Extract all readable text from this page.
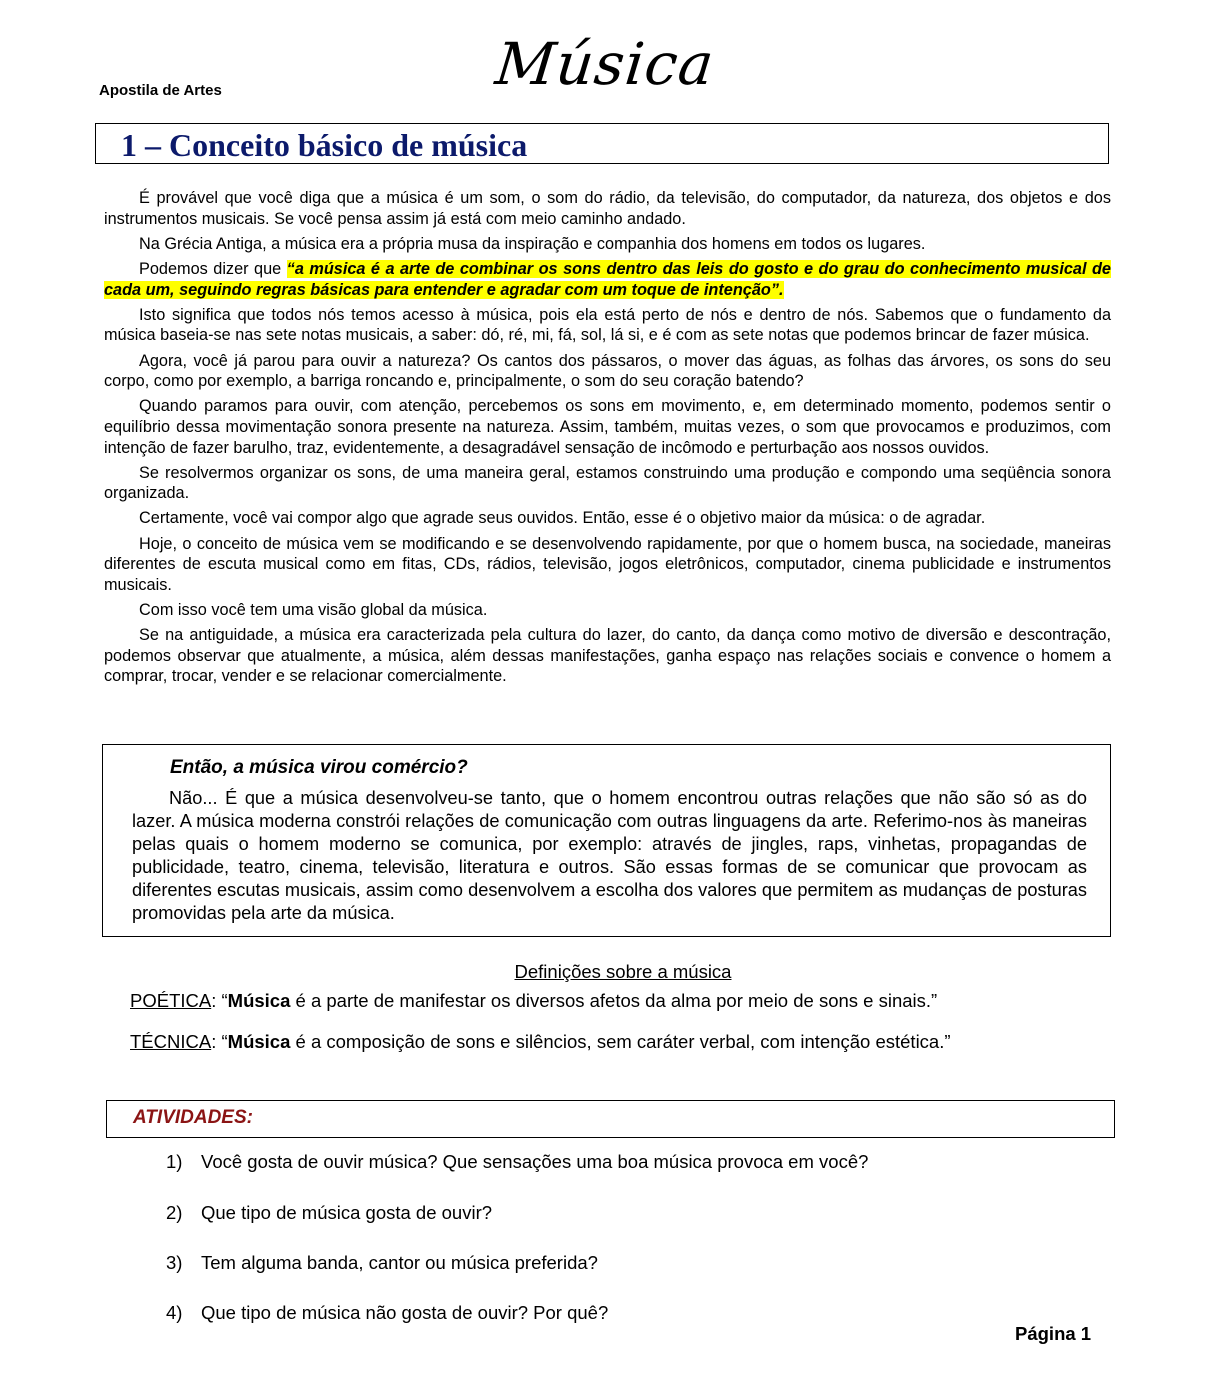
Apostila de Artes	Música
1 – Conceito básico de música

É provável que você diga que a música é um som, o som do rádio, da televisão, do computador, da natureza, dos objetos e dos instrumentos musicais. Se você pensa assim já está com meio caminho andado.

Na Grécia Antiga, a música era a própria musa da inspiração e companhia dos homens em todos os lugares.

Podemos dizer que “a música é a arte de combinar os sons dentro das leis do gosto e do grau do conhecimento musical de cada um, seguindo regras básicas para entender e agradar com um toque de intenção”.

Isto significa que todos nós temos acesso à música, pois ela está perto de nós e dentro de nós. Sabemos que o fundamento da música baseia-se nas sete notas musicais, a saber: dó, ré, mi, fá, sol, lá si, e é com as sete notas que podemos brincar de fazer música.

Agora, você já parou para ouvir a natureza? Os cantos dos pássaros, o mover das águas, as folhas das árvores, os sons do seu corpo, como por exemplo, a barriga roncando e, principalmente, o som do seu coração batendo?

Quando paramos para ouvir, com atenção, percebemos os sons em movimento, e, em determinado momento, podemos sentir o equilíbrio dessa movimentação sonora presente na natureza. Assim, também, muitas vezes, o som que provocamos e produzimos, com intenção de fazer barulho, traz, evidentemente, a desagradável sensação de incômodo e perturbação aos nossos ouvidos.

Se resolvermos organizar os sons, de uma maneira geral, estamos construindo uma produção e compondo uma seqüência sonora organizada.

Certamente, você vai compor algo que agrade seus ouvidos. Então, esse é o objetivo maior da música: o de agradar.

Hoje, o conceito de música vem se modificando e se desenvolvendo rapidamente, por que o homem busca, na sociedade, maneiras diferentes de escuta musical como em fitas, CDs, rádios, televisão, jogos eletrônicos, computador, cinema publicidade e instrumentos musicais.

Com isso você tem uma visão global da música.

Se na antiguidade, a música era caracterizada pela cultura do lazer, do canto, da dança como motivo de diversão e descontração, podemos observar que atualmente, a música, além dessas manifestações, ganha espaço nas relações sociais e convence o homem a comprar, trocar, vender e se relacionar comercialmente.

Então, a música virou comércio?

Não... É que a música desenvolveu-se tanto, que o homem encontrou outras relações que não são só as do lazer. A música moderna constrói relações de comunicação com outras linguagens da arte. Referimo-nos às maneiras pelas quais o homem moderno se comunica, por exemplo: através de jingles, raps, vinhetas, propagandas de publicidade, teatro, cinema, televisão, literatura e outros. São essas formas de se comunicar que provocam as diferentes escutas musicais, assim como desenvolvem a escolha dos valores que permitem as mudanças de posturas promovidas pela arte da música.

Definições sobre a música
POÉTICA: “Música é a parte de manifestar os diversos afetos da alma por meio de sons e sinais.”
TÉCNICA: “Música é a composição de sons e silêncios, sem caráter verbal, com intenção estética.”
ATIVIDADES:
1) Você gosta de ouvir música? Que sensações uma boa música provoca em você?
2) Que tipo de música gosta de ouvir?
3) Tem alguma banda, cantor ou música preferida?
4) Que tipo de música não gosta de ouvir? Por quê?
Página 1
